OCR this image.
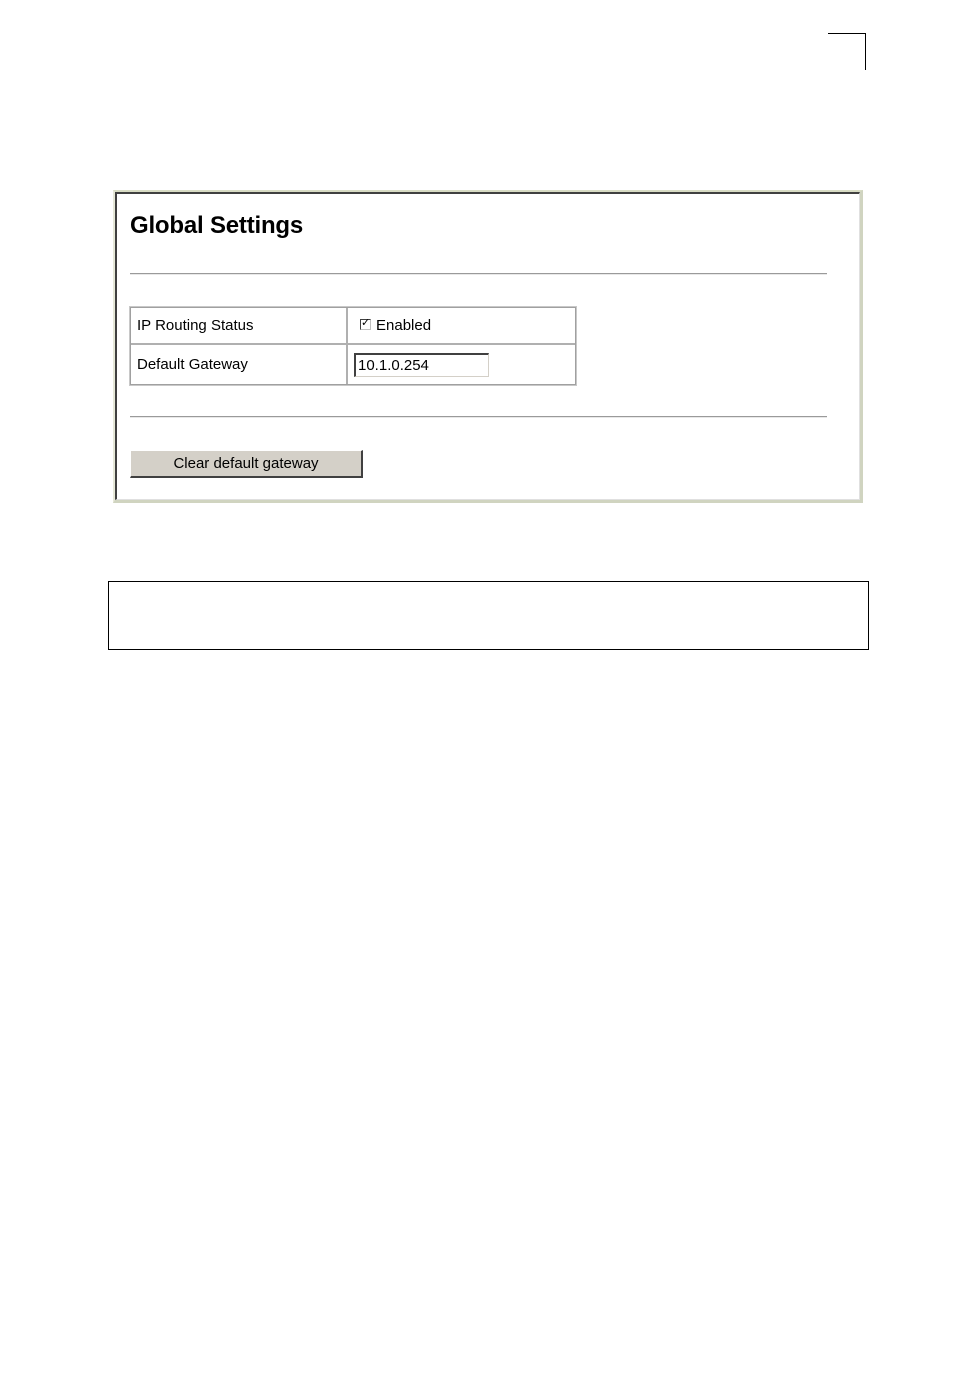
Global Settings
IP Routing Status	✓ Enabled
Default Gateway
10.1.0.254
Clear default gateway
